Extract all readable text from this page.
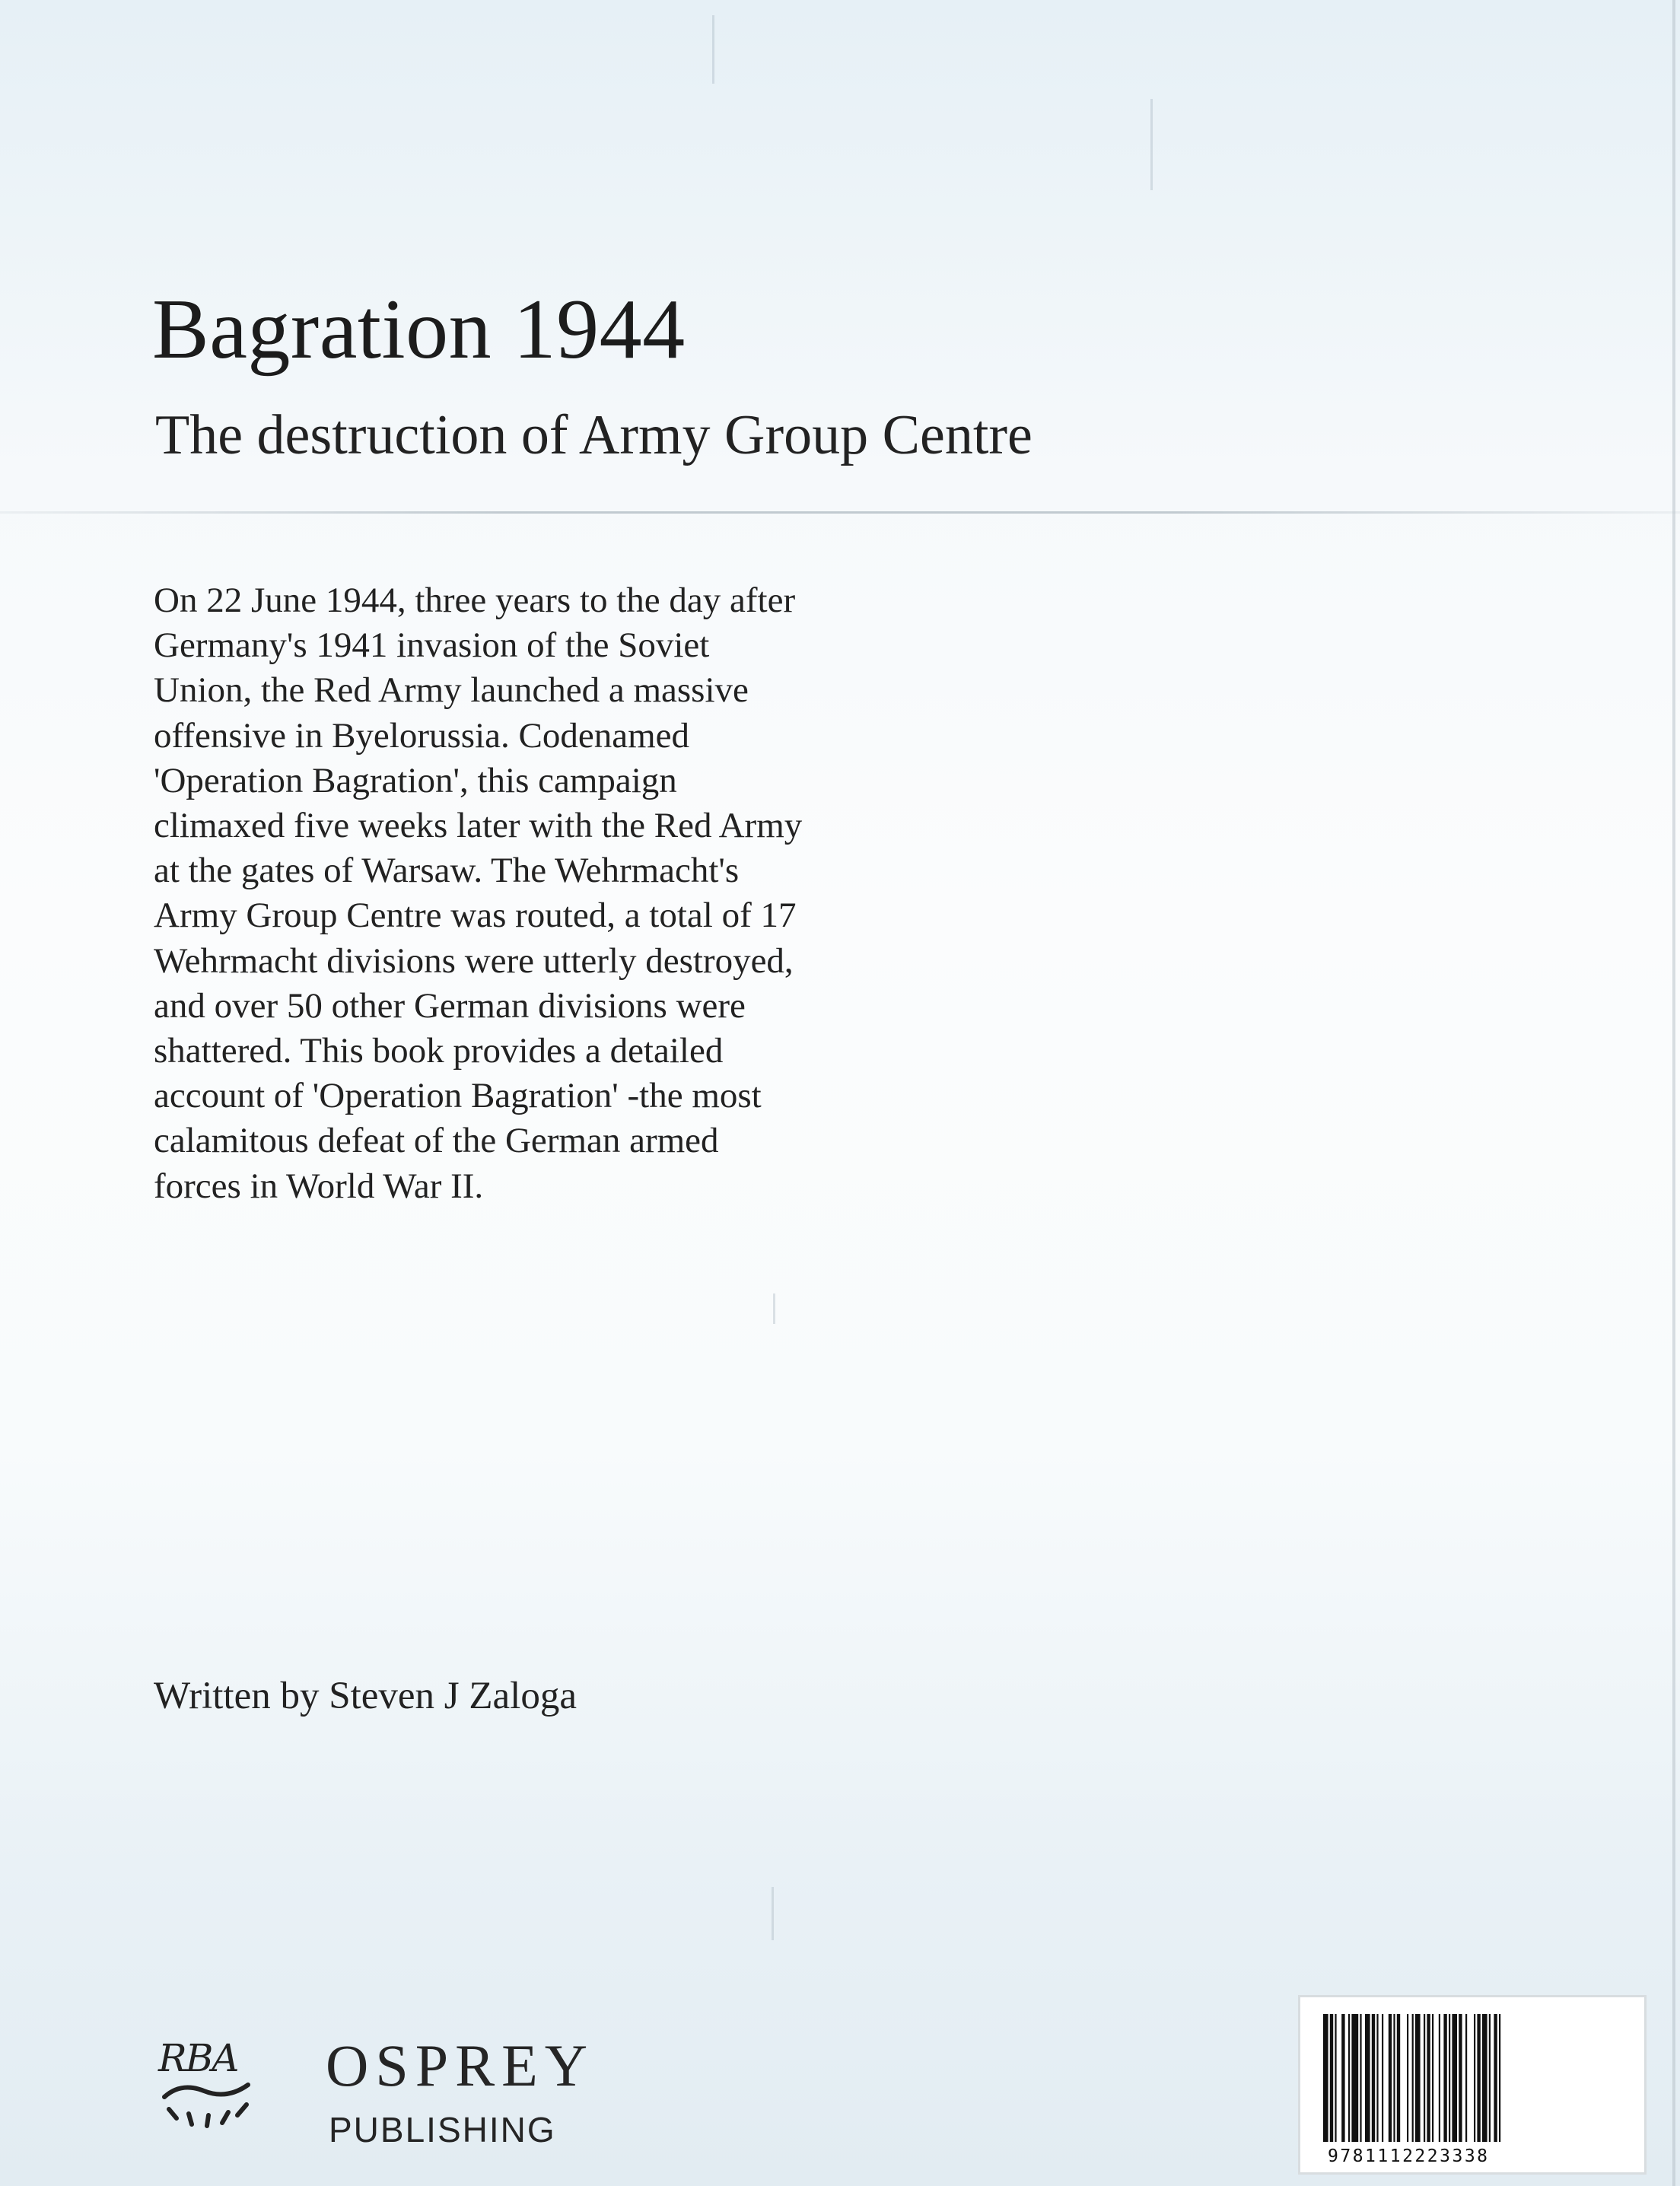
Bagration 1944
The destruction of Army Group Centre

On 22 June 1944, three years to the day after
Germany's 1941 invasion of the Soviet
Union, the Red Army launched a massive
offensive in Byelorussia. Codenamed
'Operation Bagration', this campaign
climaxed five weeks later with the Red Army
at the gates of Warsaw. The Wehrmacht's
Army Group Centre was routed, a total of 17
Wehrmacht divisions were utterly destroyed,
and over 50 other German divisions were
shattered. This book provides a detailed
account of 'Operation Bagration' -the most
calamitous defeat of the German armed
forces in World War II.

Written by Steven J Zaloga

RBA OSPREY
PUBLISHING
9781112223338
